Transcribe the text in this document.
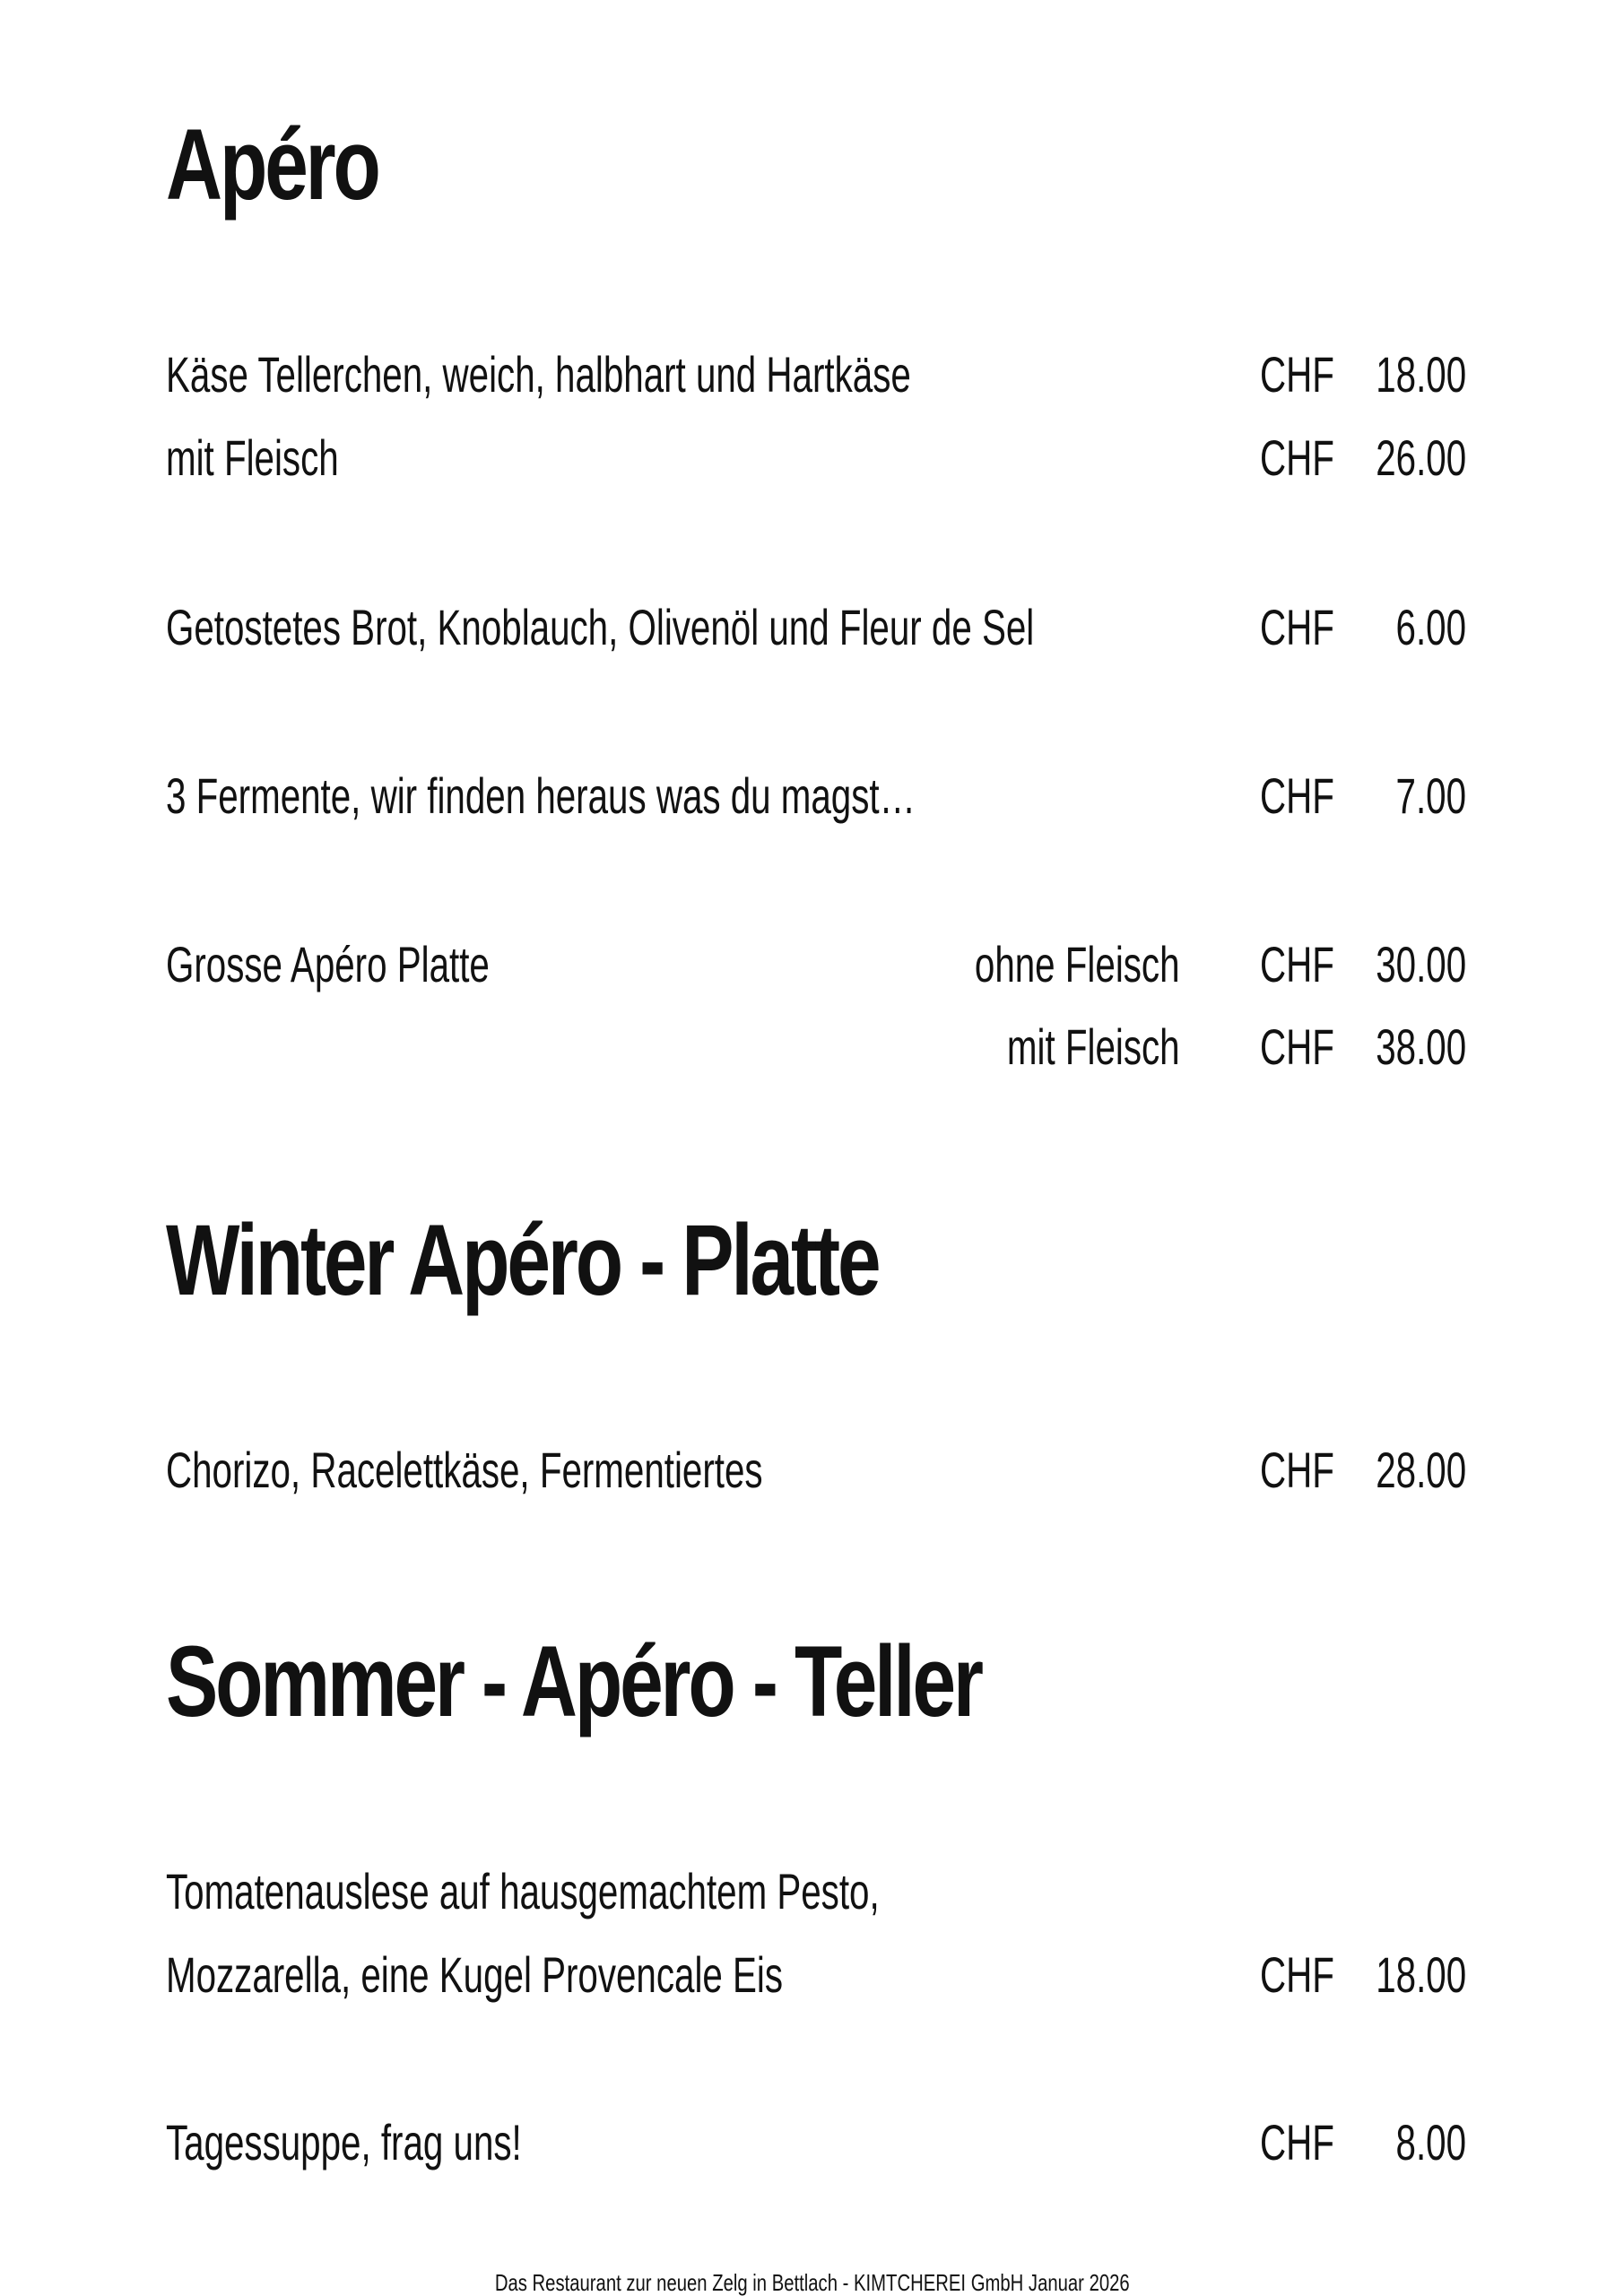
Apéro
Käse Tellerchen, weich, halbhart und Hartkäse	CHF 18.00
mit Fleisch	CHF 26.00
Getostetes Brot, Knoblauch, Olivenöl und Fleur de Sel	CHF 6.00
3 Fermente, wir finden heraus was du magst…	CHF 7.00
Grosse Apéro Platte	ohne Fleisch CHF 30.00
mit Fleisch CHF 38.00
Winter Apéro - Platte
Chorizo, Racelettkäse, Fermentiertes	CHF 28.00
Sommer - Apéro - Teller
Tomatenauslese auf hausgemachtem Pesto,
Mozzarella, eine Kugel Provencale Eis	CHF 18.00
Tagessuppe, frag uns!	CHF 8.00
Das Restaurant zur neuen Zelg in Bettlach - KIMTCHEREI GmbH Januar 2026
